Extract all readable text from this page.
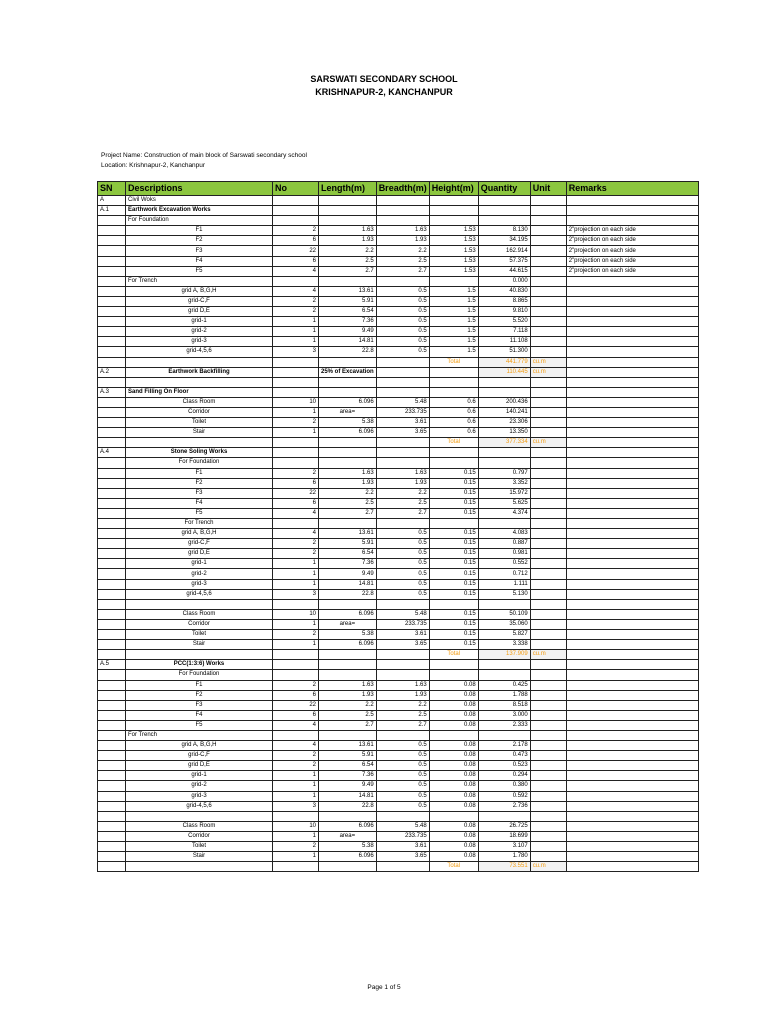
SARSWATI SECONDARY SCHOOL
KRISHNAPUR-2, KANCHANPUR
Project Name: Construction of main block of Sarswati secondary school
Location: Krishnapur-2, Kanchanpur
SN	Descriptions	No	Length(m)	Breadth(m)	Height(m)	Quantity	Unit	Remarks
A	Civil Woks							
A.1	Earthwork Excavation Works							
	For Foundation							
	F1	2	1.63	1.63	1.53	8.130		2"projection on each side
	F2	6	1.93	1.93	1.53	34.195		2"projection on each side
	F3	22	2.2	2.2	1.53	162.914		2"projection on each side
	F4	6	2.5	2.5	1.53	57.375		2"projection on each side
	F5	4	2.7	2.7	1.53	44.615		2"projection on each side
	For Trench					0.000		
	grid A, B,G,H	4	13.61	0.5	1.5	40.830		
	grid-C,F	2	5.91	0.5	1.5	8.865		
	grid D,E	2	6.54	0.5	1.5	9.810		
	grid-1	1	7.36	0.5	1.5	5.520		
	grid-2	1	9.49	0.5	1.5	7.118		
	grid-3	1	14.81	0.5	1.5	11.108		
	grid-4,5,6	3	22.8	0.5	1.5	51.300		
					Total	441.779	cu.m	
A.2	Earthwork Backfilling		25% of Excavation			110.445	cu.m	

A.3	Sand Filling On Floor							
	Class Room	10	6.096	5.48	0.6	200.436		
	Corridor	1	area=	233.735	0.6	140.241		
	Toilet	2	5.38	3.61	0.6	23.306		
	Stair	1	6.096	3.65	0.6	13.350		
					Total	377.334	cu.m	
A.4	Stone Soling Works							
	For Foundation							
	F1	2	1.63	1.63	0.15	0.797		
	F2	6	1.93	1.93	0.15	3.352		
	F3	22	2.2	2.2	0.15	15.972		
	F4	6	2.5	2.5	0.15	5.625		
	F5	4	2.7	2.7	0.15	4.374		
	For Trench							
	grid A, B,G,H	4	13.61	0.5	0.15	4.083		
	grid-C,F	2	5.91	0.5	0.15	0.887		
	grid D,E	2	6.54	0.5	0.15	0.981		
	grid-1	1	7.36	0.5	0.15	0.552		
	grid-2	1	9.49	0.5	0.15	0.712		
	grid-3	1	14.81	0.5	0.15	1.111		
	grid-4,5,6	3	22.8	0.5	0.15	5.130		

	Class Room	10	6.096	5.48	0.15	50.109		
	Corridor	1	area=	233.735	0.15	35.060		
	Toilet	2	5.38	3.61	0.15	5.827		
	Stair	1	6.096	3.65	0.15	3.338		
					Total	137.909	cu.m	
A.5	PCC(1:3:6) Works							
	For Foundation							
	F1	2	1.63	1.63	0.08	0.425		
	F2	6	1.93	1.93	0.08	1.788		
	F3	22	2.2	2.2	0.08	8.518		
	F4	6	2.5	2.5	0.08	3.000		
	F5	4	2.7	2.7	0.08	2.333		
	For Trench							
	grid A, B,G,H	4	13.61	0.5	0.08	2.178		
	grid-C,F	2	5.91	0.5	0.08	0.473		
	grid D,E	2	6.54	0.5	0.08	0.523		
	grid-1	1	7.36	0.5	0.08	0.294		
	grid-2	1	9.49	0.5	0.08	0.380		
	grid-3	1	14.81	0.5	0.08	0.592		
	grid-4,5,6	3	22.8	0.5	0.08	2.736		

	Class Room	10	6.096	5.48	0.08	26.725		
	Corridor	1	area=	233.735	0.08	18.699		
	Toilet	2	5.38	3.61	0.08	3.107		
	Stair	1	6.096	3.65	0.08	1.780		
					Total	73.551	cu.m	
Page 1 of 5
